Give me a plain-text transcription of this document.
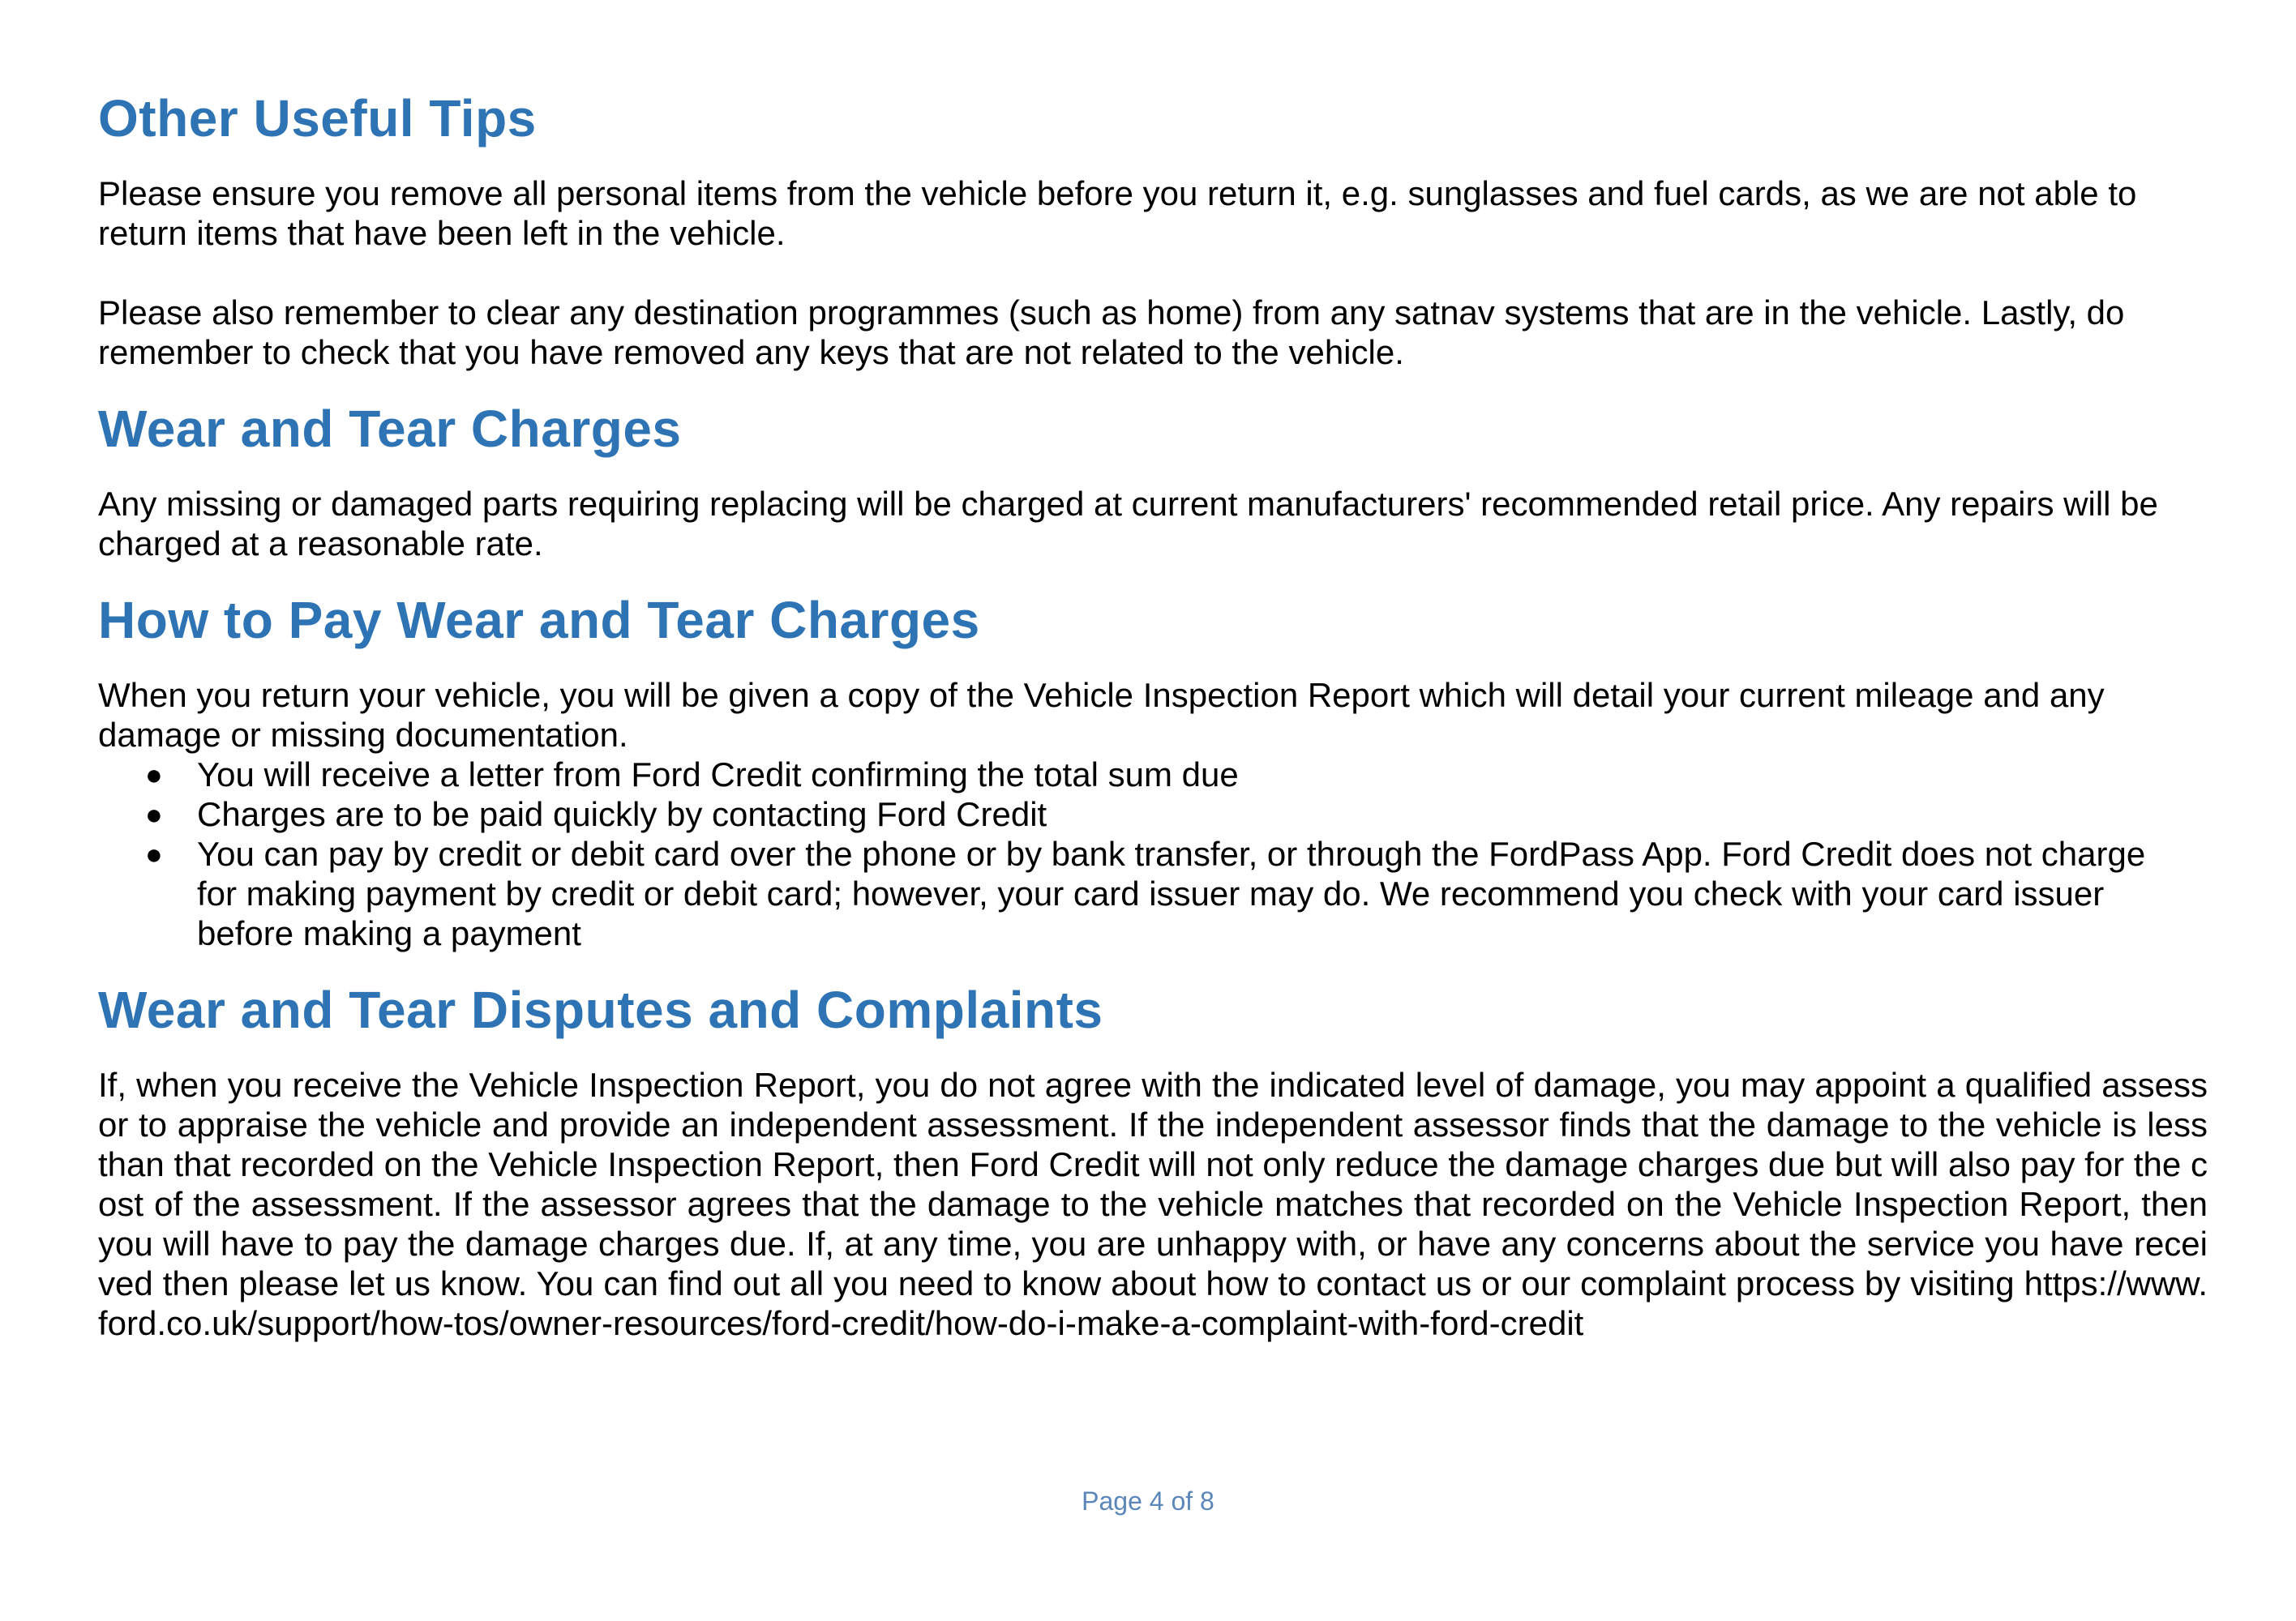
Other Useful Tips

Please ensure you remove all personal items from the vehicle before you return it, e.g. sunglasses and fuel cards, as we are not able to return items that have been left in the vehicle.

Please also remember to clear any destination programmes (such as home) from any satnav systems that are in the vehicle. Lastly, do remember to check that you have removed any keys that are not related to the vehicle.

Wear and Tear Charges

Any missing or damaged parts requiring replacing will be charged at current manufacturers' recommended retail price. Any repairs will be charged at a reasonable rate.

How to Pay Wear and Tear Charges

When you return your vehicle, you will be given a copy of the Vehicle Inspection Report which will detail your current mileage and any damage or missing documentation.

● You will receive a letter from Ford Credit confirming the total sum due
● Charges are to be paid quickly by contacting Ford Credit
● You can pay by credit or debit card over the phone or by bank transfer, or through the FordPass App. Ford Credit does not charge for making payment by credit or debit card; however, your card issuer may do. We recommend you check with your card issuer before making a payment
Wear and Tear Disputes and Complaints

If, when you receive the Vehicle Inspection Report, you do not agree with the indicated level of damage, you may appoint a qualified assessor to appraise the vehicle and provide an independent assessment. If the independent assessor finds that the damage to the vehicle is less than that recorded on the Vehicle Inspection Report, then Ford Credit will not only reduce the damage charges due but will also pay for the cost of the assessment. If the assessor agrees that the damage to the vehicle matches that recorded on the Vehicle Inspection Report, then you will have to pay the damage charges due. If, at any time, you are unhappy with, or have any concerns about the service you have received then please let us know. You can find out all you need to know about how to contact us or our complaint process by visiting https://www.ford.co.uk/support/how-tos/owner-resources/ford-credit/how-do-i-make-a-complaint-with-ford-credit

Page 4 of 8
